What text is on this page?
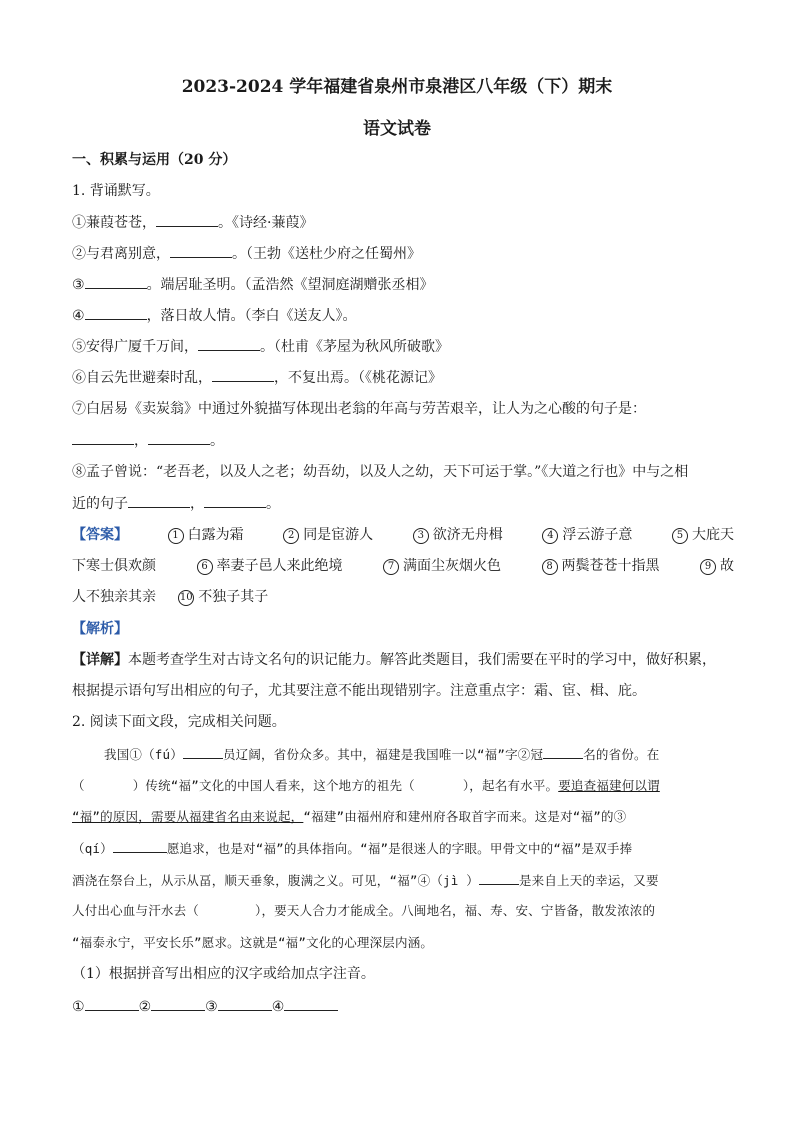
2023-2024 学年福建省泉州市泉港区八年级（下）期末
语文试卷
一、积累与运用（20 分）
1. 背诵默写。
①蒹葭苍苍，	。《诗经·蒹葭》
②与君离别意，	。（王勃《送杜少府之任蜀州》
③	。端居耻圣明。（孟浩然《望洞庭湖赠张丞相》
④	，落日故人情。（李白《送友人》。
⑤安得广厦千万间，	。（杜甫《茅屋为秋风所破歌》
⑥自云先世避秦时乱，	，不复出焉。（《桃花源记》
⑦白居易《卖炭翁》中通过外貌描写体现出老翁的年高与劳苦艰辛，让人为之心酸的句子是：
，	。
⑧孟子曾说：“老吾老，以及人之老；幼吾幼，以及人之幼，天下可运于掌。”《大道之行也》中与之相
近的句子	，	。
【答案】	1 白露为霜	2 同是宦游人	3 欲济无舟楫	4 浮云游子意	5 大庇天
下寒士俱欢颜	6 率妻子邑人来此绝境	7 满面尘灰烟火色	8 两鬓苍苍十指黑	9 故
人不独亲其亲 10 不独子其子
【解析】
【详解】本题考查学生对古诗文名句的识记能力。解答此类题目，我们需要在平时的学习中，做好积累，
根据提示语句写出相应的句子，尤其要注意不能出现错别字。注意重点字：霜、宦、楫、庇。
2. 阅读下面文段，完成相关问题。
我国①（fú）	员辽阔，省份众多。其中，福建是我国唯一以“福”字②冠	名的省份。在
（	）传统“福”文化的中国人看来，这个地方的祖先（	），起名有水平。要追查福建何以谓
“福”的原因，需要从福建省名由来说起，“福建”由福州府和建州府各取首字而来。这是对“福”的③
（qí）	愿追求，也是对“福”的具体指向。“福”是很迷人的字眼。甲骨文中的“福”是双手捧
酒浇在祭台上，从示从畐，顺天垂象，腹满之义。可见，“福”④（jì ）	是来自上天的幸运，又要
人付出心血与汗水去（	），要天人合力才能成全。八闽地名，福、寿、安、宁皆备，散发浓浓的
“福泰永宁，平安长乐”愿求。这就是“福”文化的心理深层内涵。
（1）根据拼音写出相应的汉字或给加点字注音。
①	②	③	④
